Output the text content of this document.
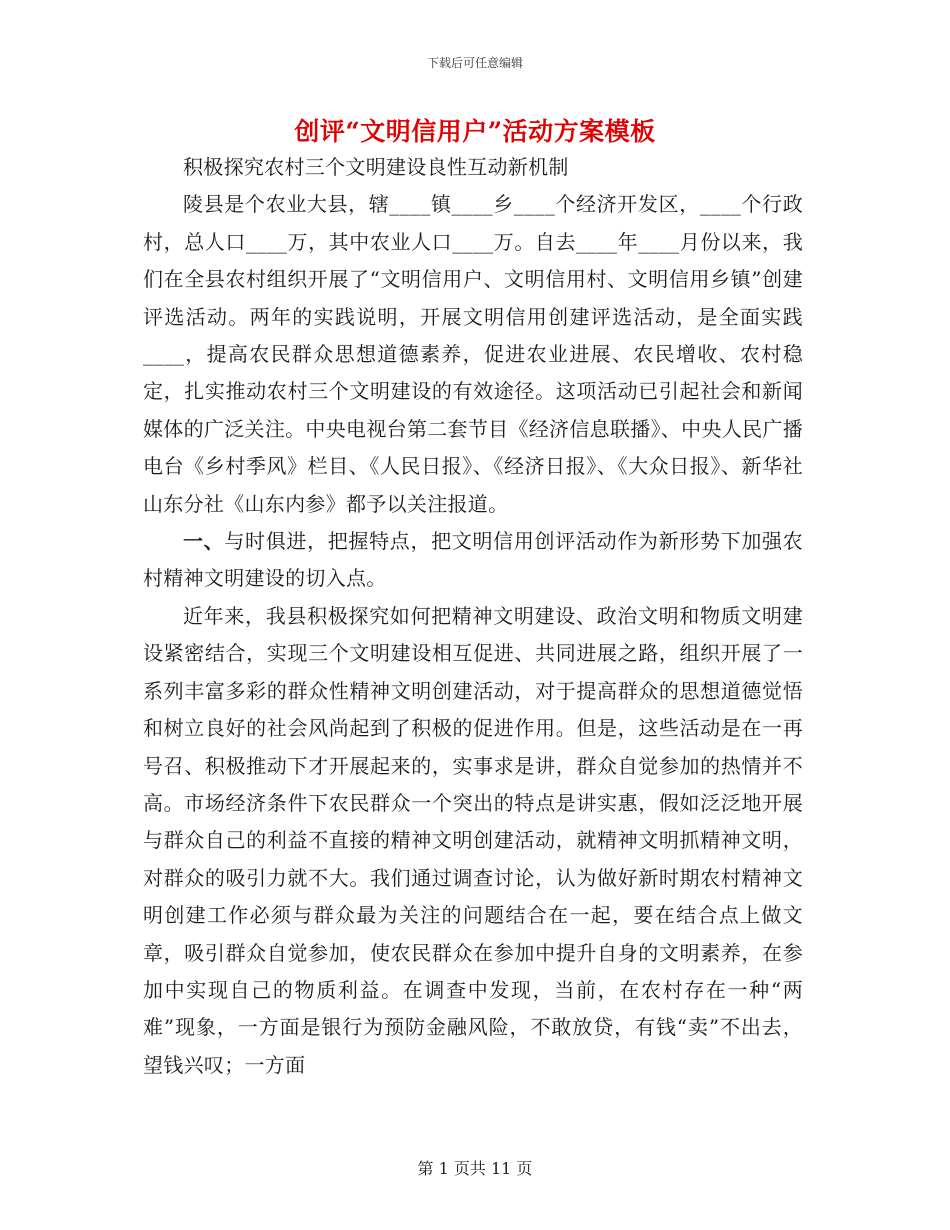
下载后可任意编辑
创评“文明信用户”活动方案模板

积极探究农村三个文明建设良性互动新机制

陵县是个农业大县，辖____镇____乡____个经济开发区，____个行政村，总人口____万，其中农业人口____万。自去____年____月份以来，我们在全县农村组织开展了“文明信用户、文明信用村、文明信用乡镇”创建评选活动。两年的实践说明，开展文明信用创建评选活动，是全面实践____，提高农民群众思想道德素养，促进农业进展、农民增收、农村稳定，扎实推动农村三个文明建设的有效途径。这项活动已引起社会和新闻媒体的广泛关注。中央电视台第二套节目《经济信息联播》、中央人民广播电台《乡村季风》栏目、《人民日报》、《经济日报》、《大众日报》、新华社山东分社《山东内参》都予以关注报道。

一、与时俱进，把握特点，把文明信用创评活动作为新形势下加强农村精神文明建设的切入点。

近年来，我县积极探究如何把精神文明建设、政治文明和物质文明建设紧密结合，实现三个文明建设相互促进、共同进展之路，组织开展了一系列丰富多彩的群众性精神文明创建活动，对于提高群众的思想道德觉悟和树立良好的社会风尚起到了积极的促进作用。但是，这些活动是在一再号召、积极推动下才开展起来的，实事求是讲，群众自觉参加的热情并不高。市场经济条件下农民群众一个突出的特点是讲实惠，假如泛泛地开展与群众自己的利益不直接的精神文明创建活动，就精神文明抓精神文明，对群众的吸引力就不大。我们通过调查讨论，认为做好新时期农村精神文明创建工作必须与群众最为关注的问题结合在一起，要在结合点上做文章，吸引群众自觉参加，使农民群众在参加中提升自身的文明素养，在参加中实现自己的物质利益。在调查中发现，当前，在农村存在一种“两难”现象，一方面是银行为预防金融风险，不敢放贷，有钱“卖”不出去，望钱兴叹；一方面

第 1 页共 11 页
